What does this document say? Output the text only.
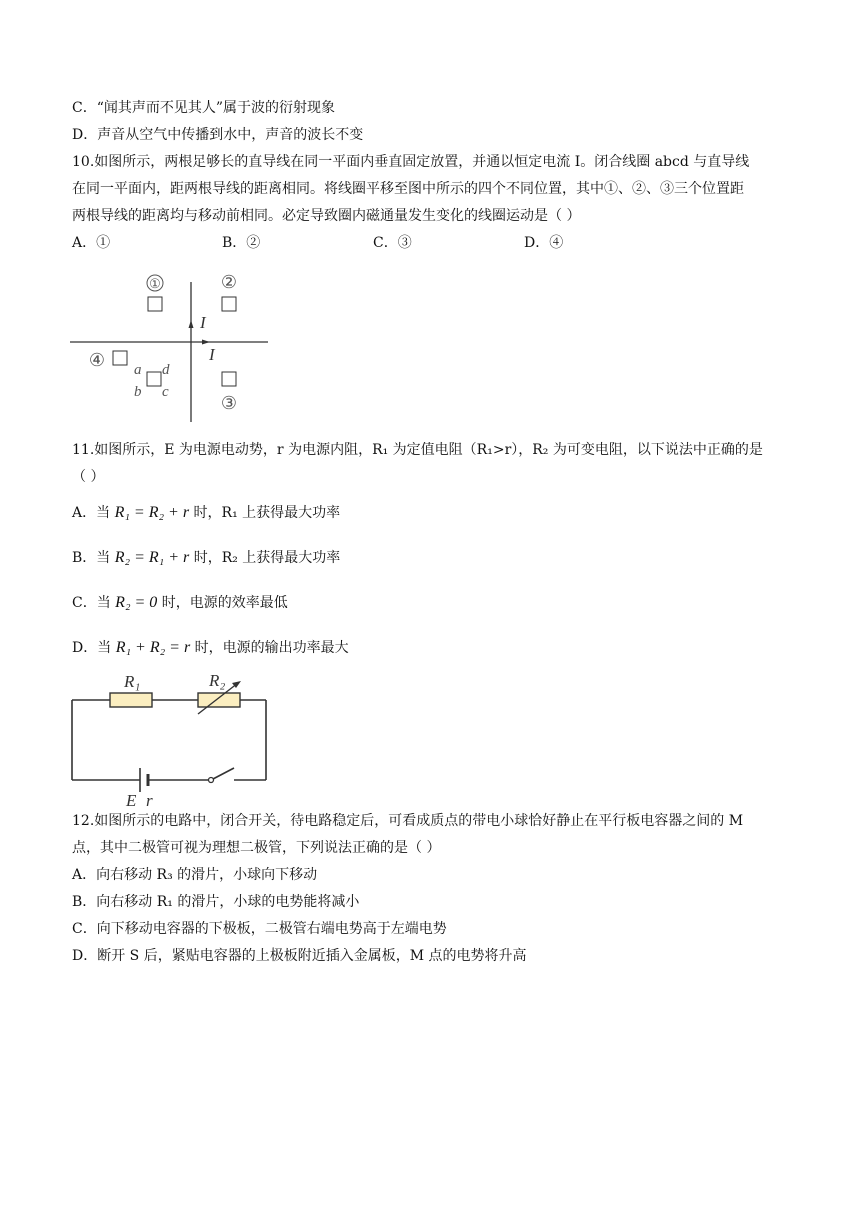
C．“闻其声而不见其人”属于波的衍射现象
D．声音从空气中传播到水中，声音的波长不变
10.如图所示，两根足够长的直导线在同一平面内垂直固定放置，并通以恒定电流 I。闭合线圈 abcd 与直导线
在同一平面内，距两根导线的距离相同。将线圈平移至图中所示的四个不同位置，其中①、②、③三个位置距
两根导线的距离均与移动前相同。必定导致圈内磁通量发生变化的线圈运动是（ ）
A．①	B．②	C．③	D．④
I
I
①	②
④ a
b c
d
③
11.如图所示，E 为电源电动势，r 为电源内阻，R₁ 为定值电阻（R₁>r），R₂ 为可变电阻，以下说法中正确的是
（ ）
A．当 R₁ = R₂ + r 时，R₁ 上获得最大功率
B．当 R₂ = R₁ + r 时，R₂ 上获得最大功率
C．当 R₂ = 0 时，电源的效率最低
D．当 R₁ + R₂ = r 时，电源的输出功率最大
R₁	R₂
E r
12.如图所示的电路中，闭合开关，待电路稳定后，可看成质点的带电小球恰好静止在平行板电容器之间的 M
点，其中二极管可视为理想二极管，下列说法正确的是（ ）
A．向右移动 R₃ 的滑片，小球向下移动
B．向右移动 R₁ 的滑片，小球的电势能将减小
C．向下移动电容器的下极板，二极管右端电势高于左端电势
D．断开 S 后，紧贴电容器的上极板附近插入金属板，M 点的电势将升高
